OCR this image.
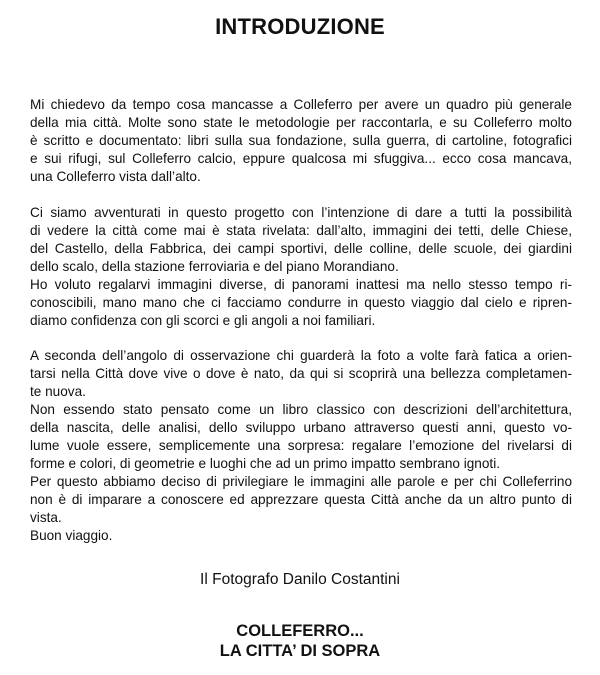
INTRODUZIONE
Mi chiedevo da tempo cosa mancasse a Colleferro per avere un quadro più generale
della mia città. Molte sono state le metodologie per raccontarla, e su Colleferro molto
è scritto e documentato: libri sulla sua fondazione, sulla guerra, di cartoline, fotografici
e sui rifugi, sul Colleferro calcio, eppure qualcosa mi sfuggiva... ecco cosa mancava,
una Colleferro vista dall’alto.
Ci siamo avventurati in questo progetto con l’intenzione di dare a tutti la possibilità
di vedere la città come mai è stata rivelata: dall’alto, immagini dei tetti, delle Chiese,
del Castello, della Fabbrica, dei campi sportivi, delle colline, delle scuole, dei giardini
dello scalo, della stazione ferroviaria e del piano Morandiano.
Ho voluto regalarvi immagini diverse, di panorami inattesi ma nello stesso tempo ri-
conoscibili, mano mano che ci facciamo condurre in questo viaggio dal cielo e ripren-
diamo confidenza con gli scorci e gli angoli a noi familiari.
A seconda dell’angolo di osservazione chi guarderà la foto a volte farà fatica a orien-
tarsi nella Città dove vive o dove è nato, da qui si scoprirà una bellezza completamen-
te nuova.
Non essendo stato pensato come un libro classico con descrizioni dell’architettura,
della nascita, delle analisi, dello sviluppo urbano attraverso questi anni, questo vo-
lume vuole essere, semplicemente una sorpresa: regalare l’emozione del rivelarsi di
forme e colori, di geometrie e luoghi che ad un primo impatto sembrano ignoti.
Per questo abbiamo deciso di privilegiare le immagini alle parole e per chi Colleferrino
non è di imparare a conoscere ed apprezzare questa Città anche da un altro punto di
vista.
Buon viaggio.
Il Fotografo Danilo Costantini
COLLEFERRO...
LA CITTA’ DI SOPRA
